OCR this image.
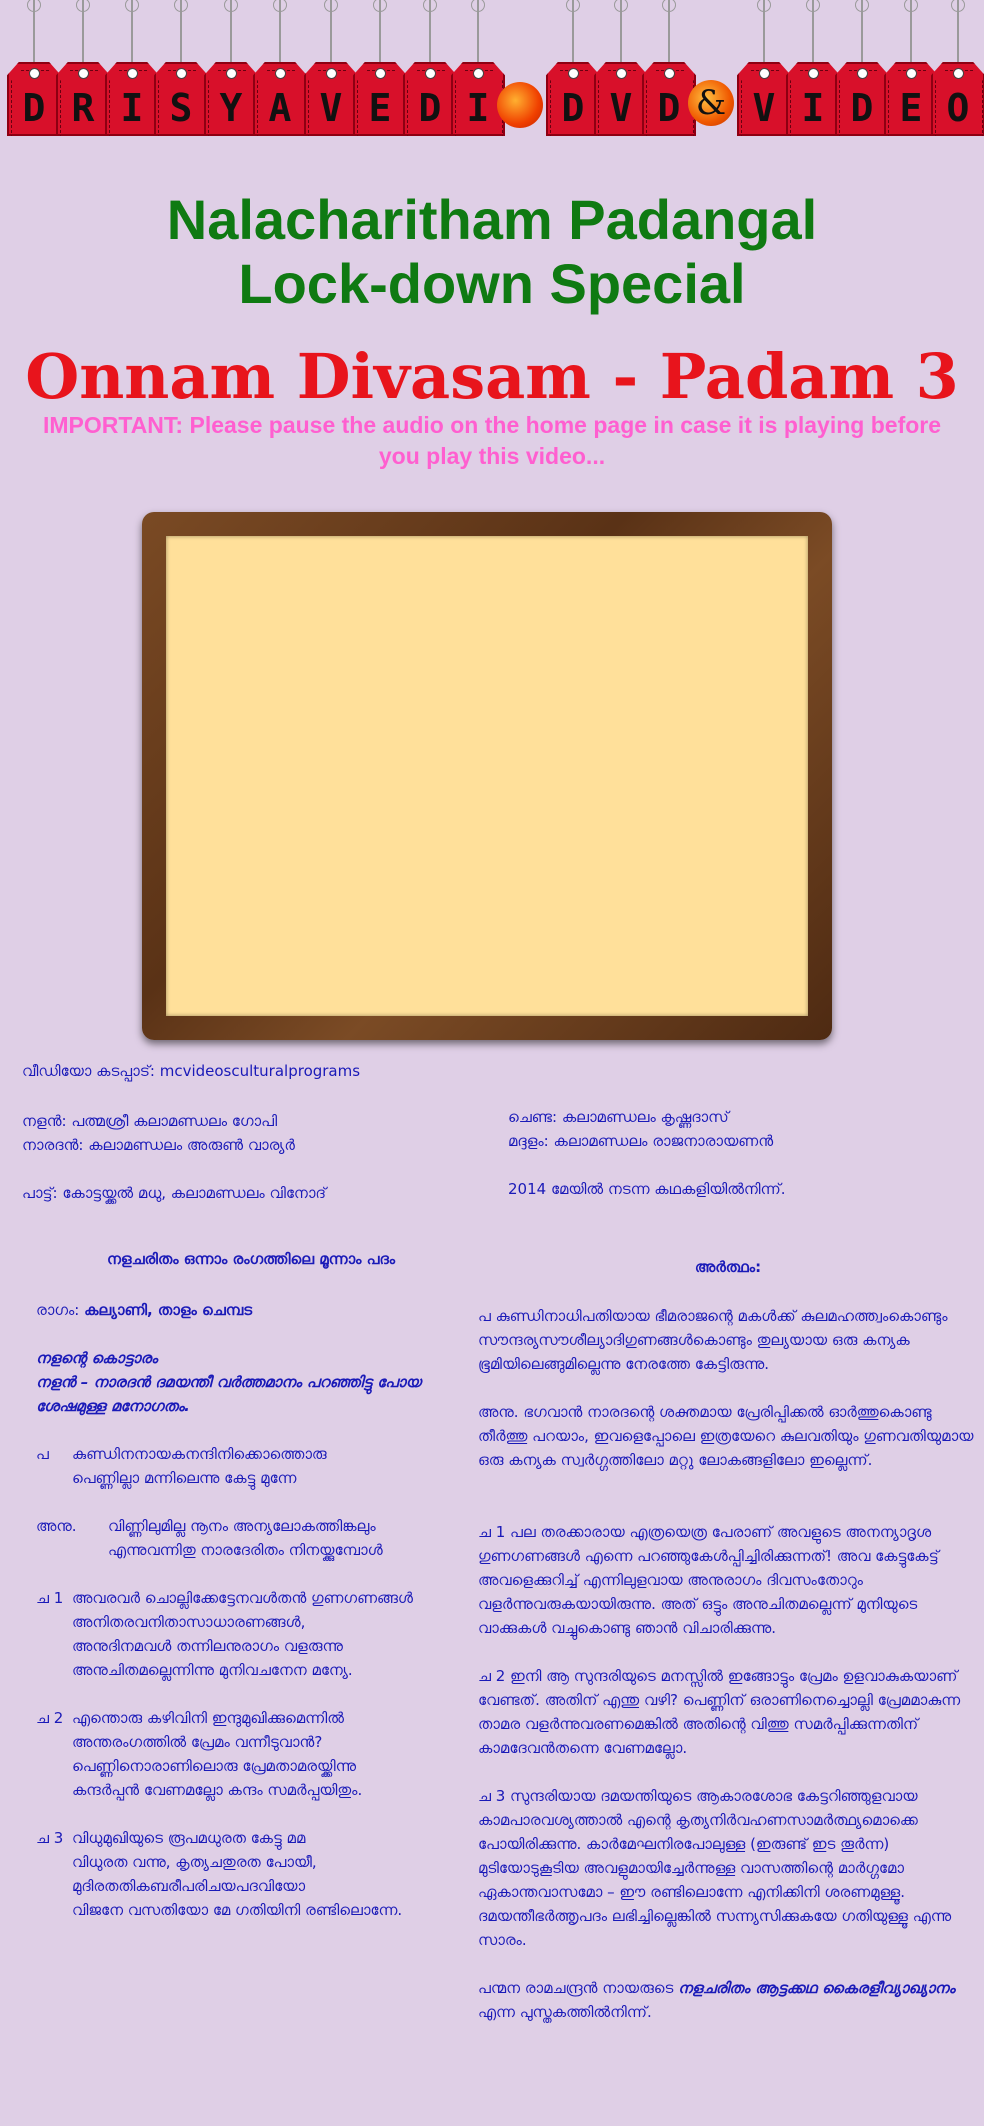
D R I S Y A V E D I	D V D & V I D E O
Nalacharitham Padangal
Lock-down Special
Onnam Divasam - Padam 3
IMPORTANT: Please pause the audio on the home page in case it is playing before you play this video...
വീഡിയോ കടപ്പാട്: mcvideosculturalprograms
നളൻ: പത്മശ്രീ കലാമണ്ഡലം ഗോപി
നാരദൻ: കലാമണ്ഡലം അരുൺ വാര്യർ
പാട്ട്: കോട്ടയ്ക്കൽ മധു, കലാമണ്ഡലം വിനോദ്
ചെണ്ട: കലാമണ്ഡലം കൃഷ്ണദാസ്
മദ്ദളം: കലാമണ്ഡലം രാജനാരായണൻ
2014 മേയിൽ നടന്ന കഥകളിയിൽനിന്ന്.
നളചരിതം ഒന്നാം രംഗത്തിലെ മൂന്നാം പദം
രാഗം: കല്യാണി, താളം ചെമ്പട
നളന്റെ കൊട്ടാരം
നളൻ – നാരദൻ ദമയന്തീ വർത്തമാനം പറഞ്ഞിട്ടു പോയ
ശേഷമുള്ള മനോഗതം.
പ കുണ്ഡിനനായകനന്ദിനിക്കൊത്തൊരു
പെണ്ണില്ലാ മന്നിലെന്നു കേട്ടു മുന്നേ
അനു. വിണ്ണിലുമില്ല നൂനം അന്യലോകത്തിങ്കലും
എന്നുവന്നിതു നാരദേരിതം നിനയ്ക്കുമ്പോൾ
ച 1 അവരവർ ചൊല്ലിക്കേട്ടേനവൾതൻ ഗുണഗണങ്ങൾ
അനിതരവനിതാസാധാരണങ്ങൾ,
അനുദിനമവൾ തന്നിലനുരാഗം വളരുന്നു
അനുചിതമല്ലെന്നിന്നു മുനിവചനേന മന്യേ.
ച 2 എന്തൊരു കഴിവിനി ഇന്ദുമുഖിക്കുമെന്നിൽ
അന്തരംഗത്തിൽ പ്രേമം വന്നീടുവാൻ?
പെണ്ണിനൊരാണിലൊരു പ്രേമതാമരയ്ക്കിന്നു
കന്ദർപ്പൻ വേണമല്ലോ കന്ദം സമർപ്പയിതും.
ച 3 വിധുമുഖിയുടെ രൂപമധുരത കേട്ടു മമ
വിധുരത വന്നു, കൃത്യചതുരത പോയീ,
മുദിരതതികബരീപരിചയപദവിയോ
വിജനേ വസതിയോ മേ ഗതിയിനി രണ്ടിലൊന്നേ.
അർത്ഥം:
പ കുണ്ഡിനാധിപതിയായ ഭീമരാജന്റെ മകൾക്ക് കുലമഹത്ത്വംകൊണ്ടും സൗന്ദര്യസൗശീല്യാദിഗുണങ്ങൾകൊണ്ടും തുല്യയായ ഒരു കന്യക ഭൂമിയിലെങ്ങുമില്ലെന്നു നേരത്തേ കേട്ടിരുന്നു.
അനു. ഭഗവാൻ നാരദന്റെ ശക്തമായ പ്രേരിപ്പിക്കൽ ഓർത്തുകൊണ്ടു തീർത്തു പറയാം, ഇവളെപ്പോലെ ഇത്രയേറെ കുലവതിയും ഗുണവതിയുമായ ഒരു കന്യക സ്വർഗ്ഗത്തിലോ മറ്റു ലോകങ്ങളിലോ ഇല്ലെന്ന്.
ച 1 പല തരക്കാരായ എത്രയെത്ര പേരാണ് അവളുടെ അനന്യാദൃശ ഗുണഗണങ്ങൾ എന്നെ പറഞ്ഞുകേൾപ്പിച്ചിരിക്കുന്നത്! അവ കേട്ടുകേട്ട് അവളെക്കുറിച്ച് എന്നിലുളവായ അനുരാഗം ദിവസംതോറും വളർന്നുവരുകയായിരുന്നു. അത് ഒട്ടും അനുചിതമല്ലെന്ന് മുനിയുടെ വാക്കുകൾ വച്ചുകൊണ്ടു ഞാൻ വിചാരിക്കുന്നു.
ച 2 ഇനി ആ സുന്ദരിയുടെ മനസ്സിൽ ഇങ്ങോട്ടും പ്രേമം ഉളവാകുകയാണ് വേണ്ടത്. അതിന് എന്തു വഴി? പെണ്ണിന് ഒരാണിനെച്ചൊല്ലി പ്രേമമാകുന്ന താമര വളർന്നുവരണമെങ്കിൽ അതിന്റെ വിത്തു സമർപ്പിക്കുന്നതിന് കാമദേവൻതന്നെ വേണമല്ലോ.
ച 3 സുന്ദരിയായ ദമയന്തിയുടെ ആകാരശോഭ കേട്ടറിഞ്ഞുളവായ കാമപാരവശ്യത്താൽ എന്റെ കൃത്യനിർവഹണസാമർത്ഥ്യമൊക്കെ പോയിരിക്കുന്നു. കാർമേഘനിരപോലുള്ള (ഇരുണ്ട് ഇട തൂർന്ന) മുടിയോടുകൂടിയ അവളുമായിച്ചേർന്നുള്ള വാസത്തിന്റെ മാർഗ്ഗമോ ഏകാന്തവാസമോ – ഈ രണ്ടിലൊന്നേ എനിക്കിനി ശരണമുള്ളൂ. ദമയന്തീഭർത്തൃപദം ലഭിച്ചില്ലെങ്കിൽ സന്ന്യസിക്കുകയേ ഗതിയുള്ളൂ എന്നു സാരം.
പന്മന രാമചന്ദ്രൻ നായരുടെ നളചരിതം ആട്ടക്കഥ കൈരളീവ്യാഖ്യാനം
എന്ന പുസ്തകത്തിൽനിന്ന്.
